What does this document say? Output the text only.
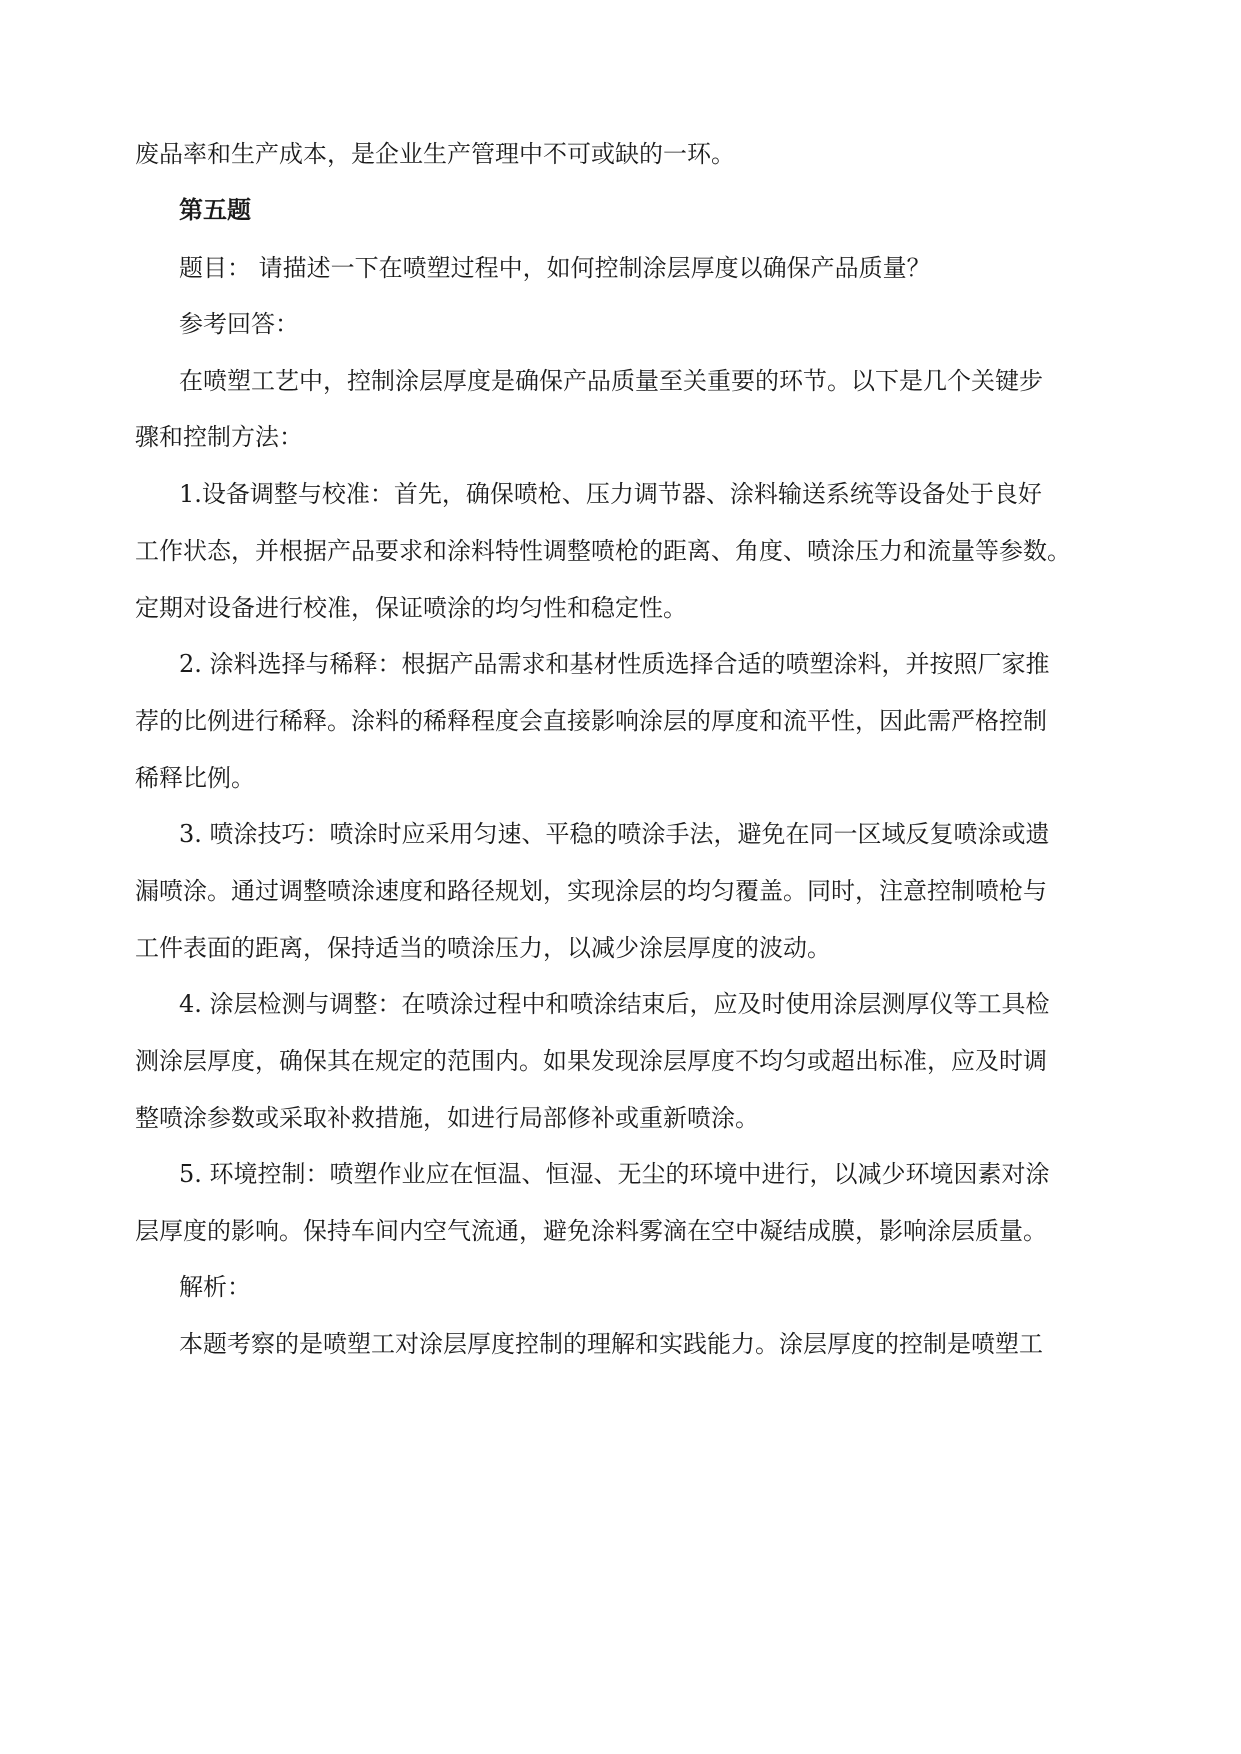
废品率和生产成本，是企业生产管理中不可或缺的一环。

第五题

题目： 请描述一下在喷塑过程中，如何控制涂层厚度以确保产品质量？

参考回答：

在喷塑工艺中，控制涂层厚度是确保产品质量至关重要的环节。以下是几个关键步

骤和控制方法：

1.设备调整与校准：首先，确保喷枪、压力调节器、涂料输送系统等设备处于良好

工作状态，并根据产品要求和涂料特性调整喷枪的距离、角度、喷涂压力和流量等参数。

定期对设备进行校准，保证喷涂的均匀性和稳定性。

2. 涂料选择与稀释：根据产品需求和基材性质选择合适的喷塑涂料，并按照厂家推

荐的比例进行稀释。涂料的稀释程度会直接影响涂层的厚度和流平性，因此需严格控制

稀释比例。

3. 喷涂技巧：喷涂时应采用匀速、平稳的喷涂手法，避免在同一区域反复喷涂或遗

漏喷涂。通过调整喷涂速度和路径规划，实现涂层的均匀覆盖。同时，注意控制喷枪与

工件表面的距离，保持适当的喷涂压力，以减少涂层厚度的波动。

4. 涂层检测与调整：在喷涂过程中和喷涂结束后，应及时使用涂层测厚仪等工具检

测涂层厚度，确保其在规定的范围内。如果发现涂层厚度不均匀或超出标准，应及时调

整喷涂参数或采取补救措施，如进行局部修补或重新喷涂。

5. 环境控制：喷塑作业应在恒温、恒湿、无尘的环境中进行，以减少环境因素对涂

层厚度的影响。保持车间内空气流通，避免涂料雾滴在空中凝结成膜，影响涂层质量。

解析：

本题考察的是喷塑工对涂层厚度控制的理解和实践能力。涂层厚度的控制是喷塑工
